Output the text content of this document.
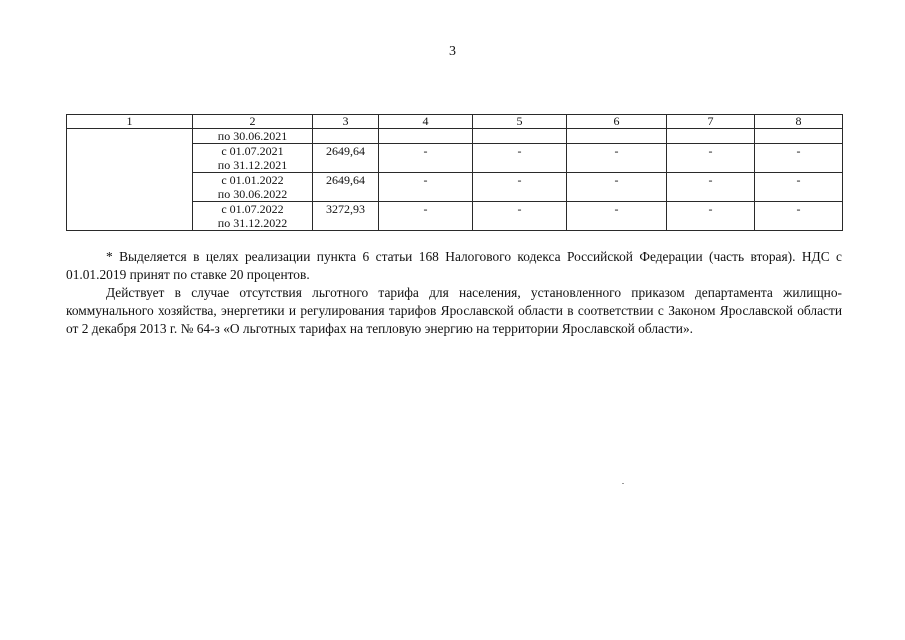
3
1	2	3	4	5	6	7	8
	по 30.06.2021						

	с 01.07.2021
по 31.12.2021	2649,64	-	-	-	-	-

	с 01.01.2022
по 30.06.2022	2649,64	-	-	-	-	-

	с 01.07.2022
по 31.12.2022	3272,93	-	-	-	-	-

* Выделяется в целях реализации пункта 6 статьи 168 Налогового кодекса Российской Федерации (часть вторая). НДС с 01.01.2019 принят по ставке 20 процентов.

Действует в случае отсутствия льготного тарифа для населения, установленного приказом департамента жилищно-коммунального хозяйства, энергетики и регулирования тарифов Ярославской области в соответствии с Законом Ярославской области от 2 декабря 2013 г. № 64-з «О льготных тарифах на тепловую энергию на территории Ярославской области».
